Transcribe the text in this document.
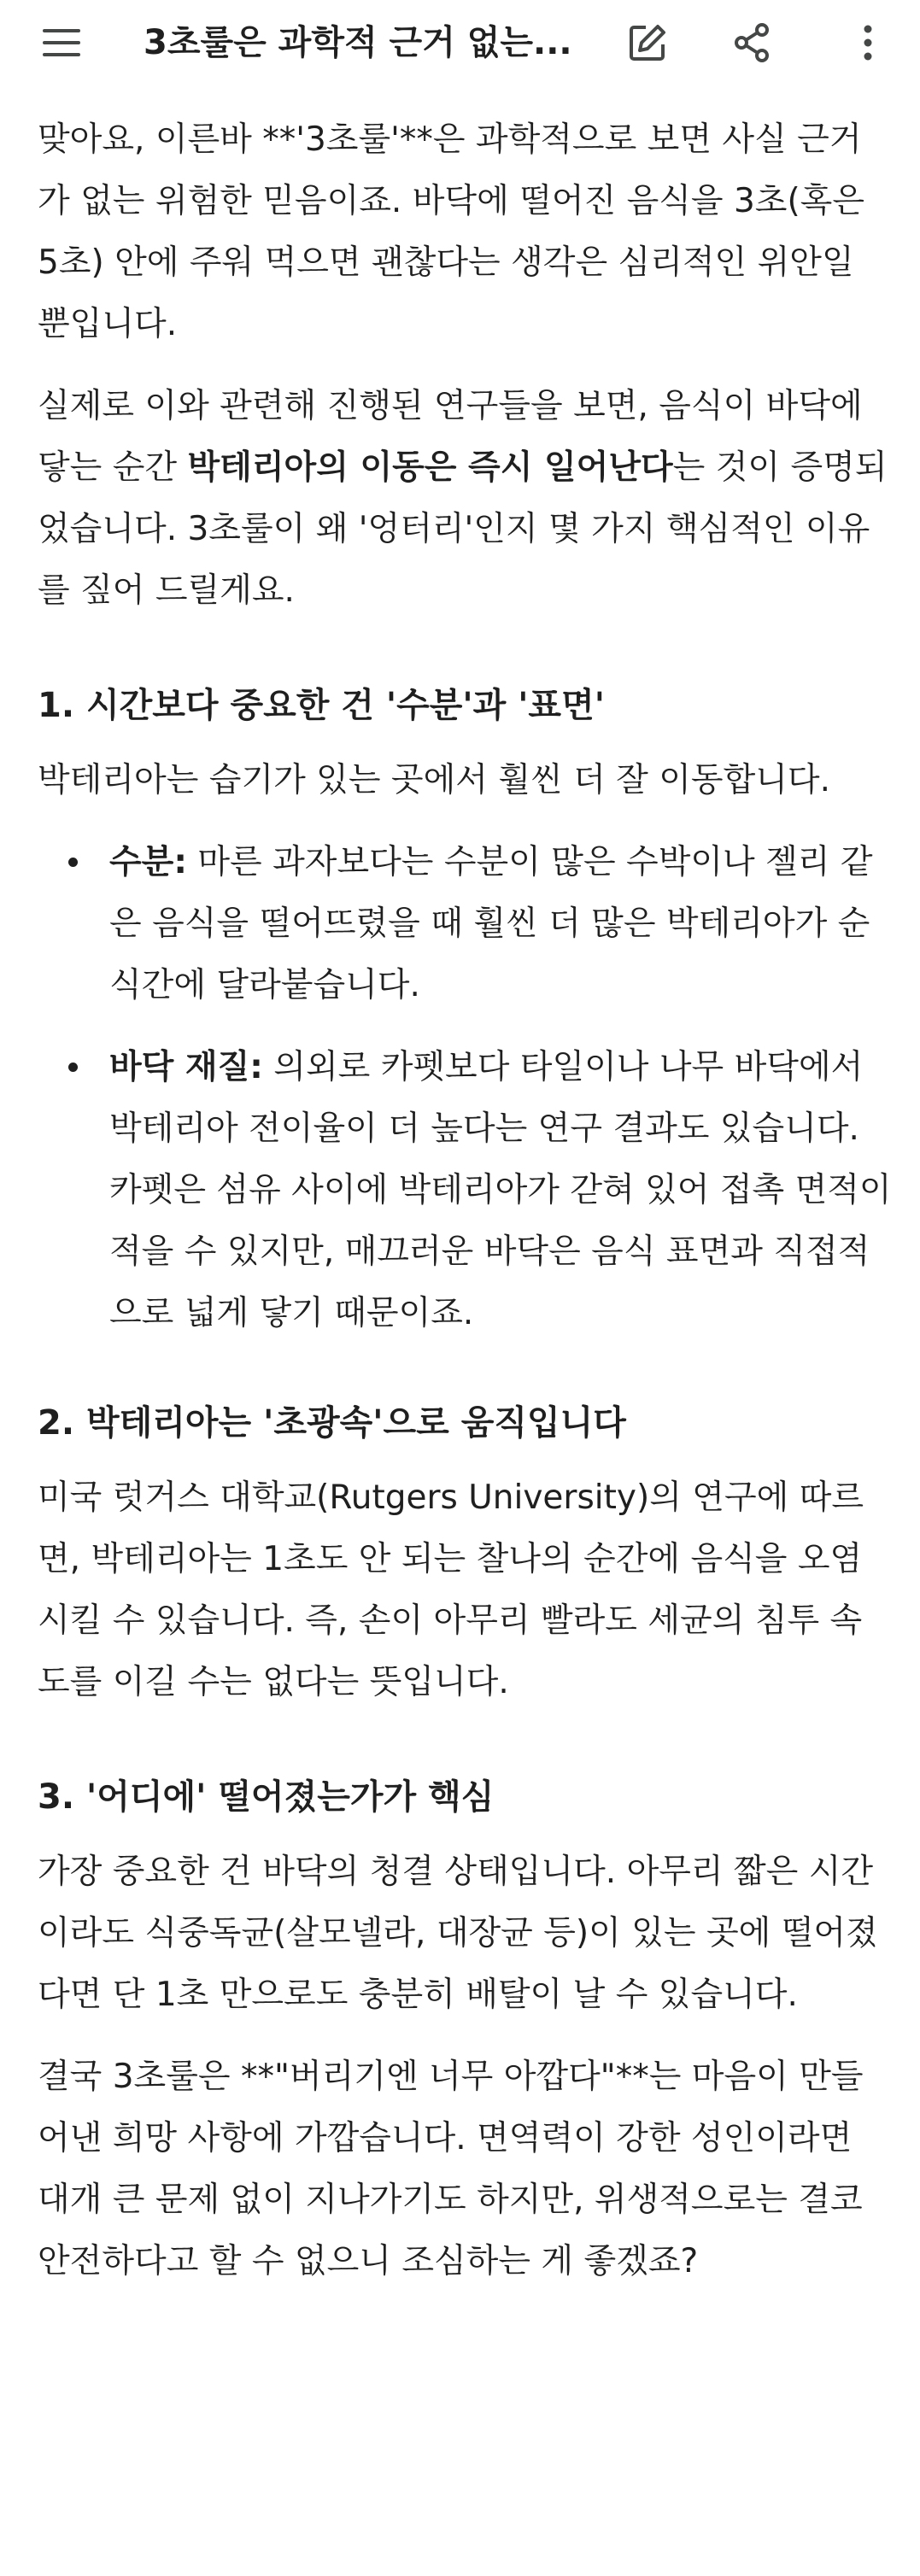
3초룰은 과학적 근거 없는...

맞아요, 이른바 **'3초룰'**은 과학적으로 보면 사실 근거가 없는 위험한 믿음이죠. 바닥에 떨어진 음식을 3초(혹은 5초) 안에 주워 먹으면 괜찮다는 생각은 심리적인 위안일 뿐입니다.

실제로 이와 관련해 진행된 연구들을 보면, 음식이 바닥에 닿는 순간 박테리아의 이동은 즉시 일어난다는 것이 증명되었습니다. 3초룰이 왜 '엉터리'인지 몇 가지 핵심적인 이유를 짚어 드릴게요.

1. 시간보다 중요한 건 '수분'과 '표면'

박테리아는 습기가 있는 곳에서 훨씬 더 잘 이동합니다.

수분: 마른 과자보다는 수분이 많은 수박이나 젤리 같은 음식을 떨어뜨렸을 때 훨씬 더 많은 박테리아가 순식간에 달라붙습니다.
바닥 재질: 의외로 카펫보다 타일이나 나무 바닥에서 박테리아 전이율이 더 높다는 연구 결과도 있습니다. 카펫은 섬유 사이에 박테리아가 갇혀 있어 접촉 면적이 적을 수 있지만, 매끄러운 바닥은 음식 표면과 직접적으로 넓게 닿기 때문이죠.
2. 박테리아는 '초광속'으로 움직입니다

미국 럿거스 대학교(Rutgers University)의 연구에 따르면, 박테리아는 1초도 안 되는 찰나의 순간에 음식을 오염시킬 수 있습니다. 즉, 손이 아무리 빨라도 세균의 침투 속도를 이길 수는 없다는 뜻입니다.

3. '어디에' 떨어졌는가가 핵심

가장 중요한 건 바닥의 청결 상태입니다. 아무리 짧은 시간이라도 식중독균(살모넬라, 대장균 등)이 있는 곳에 떨어졌다면 단 1초 만으로도 충분히 배탈이 날 수 있습니다.

결국 3초룰은 **"버리기엔 너무 아깝다"**는 마음이 만들어낸 희망 사항에 가깝습니다. 면역력이 강한 성인이라면 대개 큰 문제 없이 지나가기도 하지만, 위생적으로는 결코 안전하다고 할 수 없으니 조심하는 게 좋겠죠?
